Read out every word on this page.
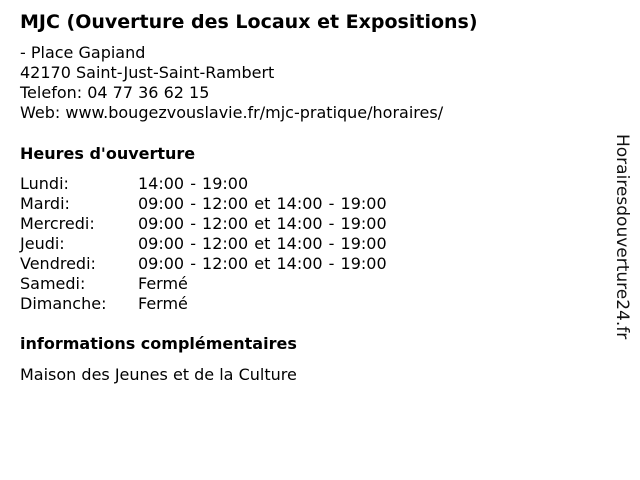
MJC (Ouverture des Locaux et Expositions)
- Place Gapiand
42170 Saint-Just-Saint-Rambert
Telefon: 04 77 36 62 15
Web: www.bougezvouslavie.fr/mjc-pratique/horaires/
Heures d'ouverture
Lundi:	14:00 - 19:00
Mardi:	09:00 - 12:00 et 14:00 - 19:00
Mercredi:	09:00 - 12:00 et 14:00 - 19:00
Jeudi:	09:00 - 12:00 et 14:00 - 19:00
Vendredi:	09:00 - 12:00 et 14:00 - 19:00
Samedi:	Fermé
Dimanche: Fermé
informations complémentaires
Maison des Jeunes et de la Culture
Horairesdouverture24.fr
